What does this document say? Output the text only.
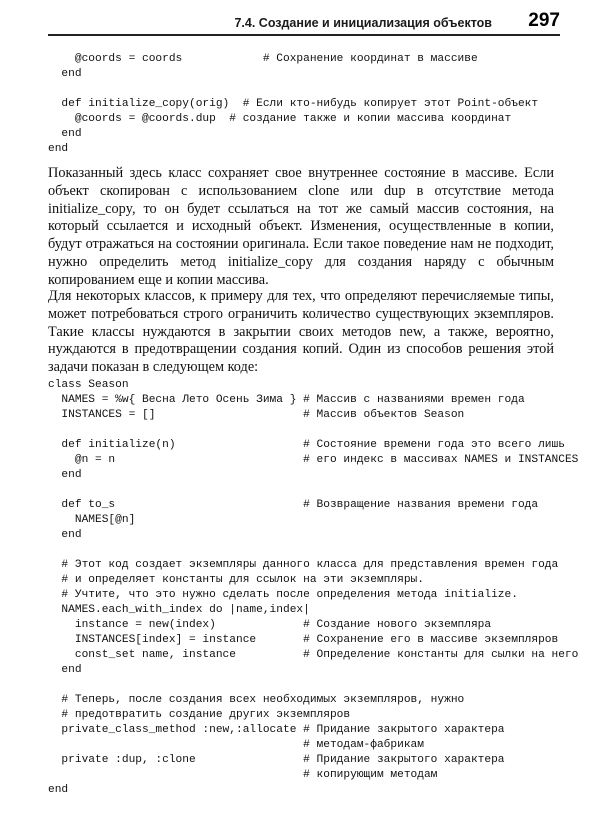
7.4. Создание и инициализация объектов 297
@coords = coords            # Сохранение координат в массиве
end
def initialize_copy(orig)  # Если кто-нибудь копирует этот Point-объект
@coords = @coords.dup  # создание также и копии массива координат
end
end

Показанный здесь класс сохраняет свое внутреннее состояние в массиве. Если объект скопирован с использованием clone или dup в отсутствие метода initialize_copy, то он будет ссылаться на тот же самый массив состояния, на который ссылается и исходный объект. Изменения, осуществленные в копии, будут отражаться на состоянии оригинала. Если такое поведение нам не подходит, нужно определить метод initialize_copy для создания наряду с обычным копированием еще и копии массива.

Для некоторых классов, к примеру для тех, что определяют перечисляемые типы, может потребоваться строго ограничить количество существующих экземпляров. Такие классы нуждаются в закрытии своих методов new, а также, вероятно, нуждаются в предотвращении создания копий. Один из способов решения этой задачи показан в следующем коде:

class Season
NAMES = %w{ Весна Лето Осень Зима } # Массив с названиями времен года
INSTANCES = []                      # Массив объектов Season
def initialize(n)                   # Состояние времени года это всего лишь
@n = n                            # его индекс в массивах NAMES и INSTANCES
end
def to_s                            # Возвращение названия времени года
NAMES[@n]
end
# Этот код создает экземпляры данного класса для представления времен года
# и определяет константы для ссылок на эти экземпляры.
# Учтите, что это нужно сделать после определения метода initialize.
NAMES.each_with_index do |name,index|
instance = new(index)             # Создание нового экземпляра
INSTANCES[index] = instance       # Сохранение его в массиве экземпляров
const_set name, instance          # Определение константы для сылки на него
end
# Теперь, после создания всех необходимых экземпляров, нужно
# предотвратить создание других экземпляров
private_class_method :new,:allocate # Придание закрытого характера
# методам-фабрикам
private :dup, :clone                # Придание закрытого характера
# копирующим методам
end
